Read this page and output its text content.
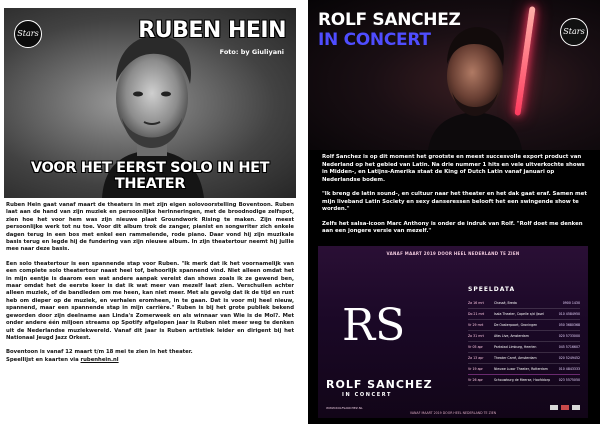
Stars	RUBEN HEIN
Foto: by Giuliyani
VOOR HET EERST SOLO IN HET THEATER

Ruben Hein gaat vanaf maart de theaters in met zijn eigen solovoorstelling Boventoon. Ruben laat aan de hand van zijn muziek en persoonlijke herinneringen, met de broodnodige zelfspot, zien hoe het voor hem was zijn nieuwe plaat Groundwork Rising te maken. Zijn meest persoonlijke werk tot nu toe. Voor dit album trok de zanger, pianist en songwriter zich enkele dagen terug in een bos met enkel een rammelende, rode piano. Daar vond hij zijn muzikale basis terug en legde hij de fundering van zijn nieuwe album. In zijn theatertour neemt hij jullie mee naar deze basis.

Een solo theatertour is een spannende stap voor Ruben. "Ik merk dat ik het voornamelijk van een complete solo theatertour naast heel tof, behoorlijk spannend vind. Niet alleen omdat het in mijn eentje is daarom een wat andere aanpak vereist dan shows zoals ik ze gewend ben, maar omdat het de eerste keer is dat ik wat meer van mezelf laat zien. Verschuilen achter alleen muziek, of de bandleden om me heen, kan niet meer. Met als gevolg dat ik de tijd en rust heb om dieper op de muziek, en verhalen eromheen, in te gaan. Dat is voor mij heel nieuw, spannend, maar een spannende stap in mijn carrière." Ruben is bij het grote publiek bekend geworden door zijn deelname aan Linda's Zomerweek en als winnaar van Wie is de Mol?. Met onder andere één miljoen streams op Spotify afgelopen jaar is Ruben niet meer weg te denken uit de Nederlandse muziekwereld. Vanaf dit jaar is Ruben artistiek leider en dirigent bij het Nationaal Jeugd Jazz Orkest.

Boventoon is vanaf 12 maart t/m 18 mei te zien in het theater.
Speellijst en kaarten via rubenhein.nl

ROLF SANCHEZ
IN CONCERT	Stars

Rolf Sanchez is op dit moment het grootste en meest succesvolle export product van Nederland op het gebied van Latin. Na drie nummer 1 hits en vele uitverkochte shows in Midden-, en Latijns-Amerika staat de King of Dutch Latin vanaf januari op Nederlandse bodem.

"Ik breng de latin sound-, en cultuur naar het theater en het dak gaat eraf. Samen met mijn liveband Latin Society en sexy danseressen belooft het een swingende show te worden."

Zelfs het salsa-icoon Marc Anthony is onder de indruk van Rolf. "Rolf doet me denken aan een jongere versie van mezelf."

VANAF MAART 2019 DOOR HEEL NEDERLAND TE ZIEN
RS
ROLF SANCHEZ
IN CONCERT
SPEELDATA
Za 16 mrt	Chassé, Breda	0900 1430
Do 21 mrt	Isala Theater, Capelle a/d IJssel	010 4584950
Vr 29 mrt	De Oosterpoort, Groningen	050 3680368
Zo 31 mrt	Afas Live, Amsterdam	020 5733000
Vr 05 apr	Parkstad Limburg, Heerlen	045 5716607
Za 13 apr	Theater Carré, Amsterdam	020 5249452
Vr 19 apr	Nieuwe Luxor Theater, Rotterdam	010 4843333
Vr 26 apr	Schouwburg de Meerse, Hoofddorp	023 5575050
WWW.ROLFSANCHEZ.NL
VANAF MAART 2019 DOOR HEEL NEDERLAND TE ZIEN
